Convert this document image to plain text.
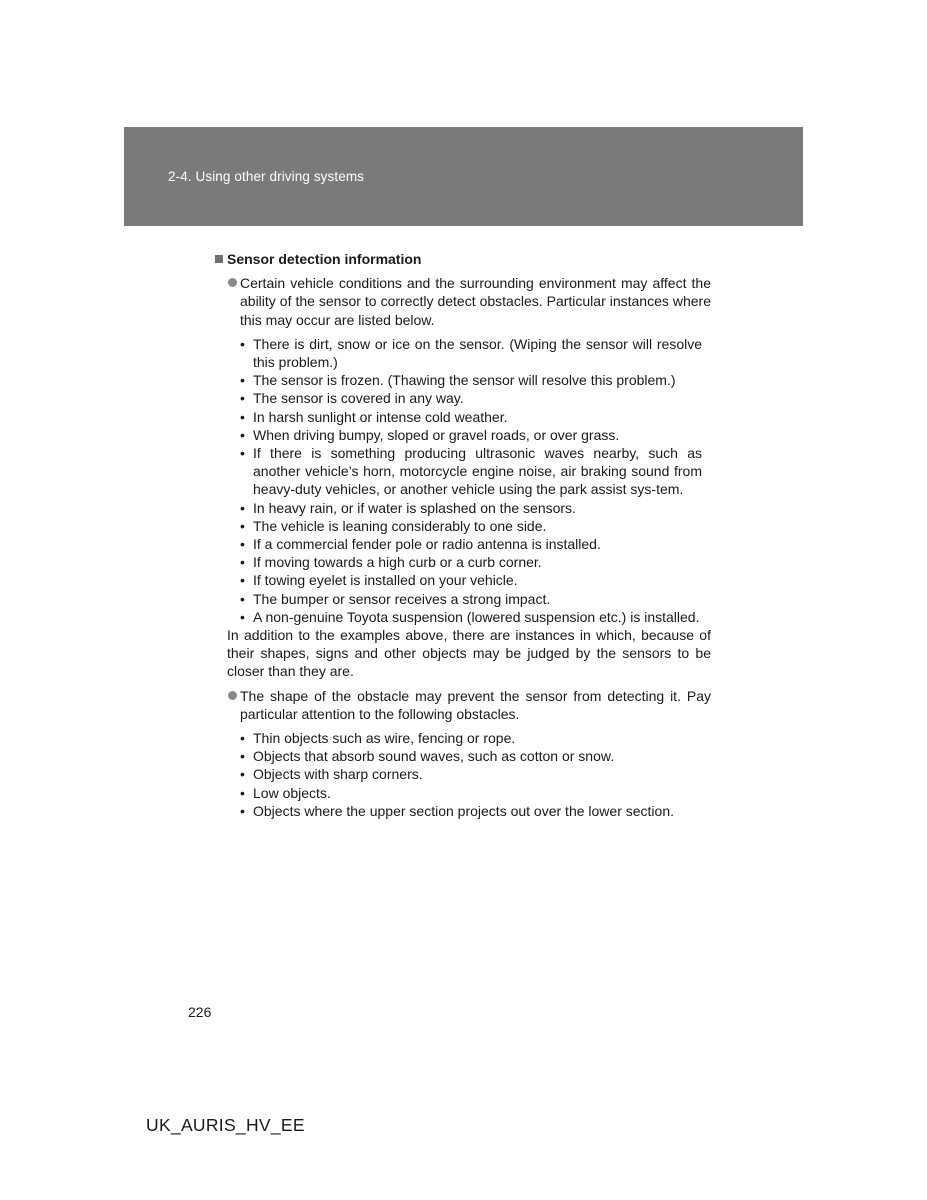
2-4. Using other driving systems
Sensor detection information
Certain vehicle conditions and the surrounding environment may affect the ability of the sensor to correctly detect obstacles. Particular instances where this may occur are listed below.
• There is dirt, snow or ice on the sensor. (Wiping the sensor will resolve this problem.)
• The sensor is frozen. (Thawing the sensor will resolve this problem.)
• The sensor is covered in any way.
• In harsh sunlight or intense cold weather.
• When driving bumpy, sloped or gravel roads, or over grass.
• If there is something producing ultrasonic waves nearby, such as another vehicle’s horn, motorcycle engine noise, air braking sound from heavy-duty vehicles, or another vehicle using the park assist sys-tem.
• In heavy rain, or if water is splashed on the sensors.
• The vehicle is leaning considerably to one side.
• If a commercial fender pole or radio antenna is installed.
• If moving towards a high curb or a curb corner.
• If towing eyelet is installed on your vehicle.
• The bumper or sensor receives a strong impact.
• A non-genuine Toyota suspension (lowered suspension etc.) is installed.
In addition to the examples above, there are instances in which, because of their shapes, signs and other objects may be judged by the sensors to be closer than they are.
The shape of the obstacle may prevent the sensor from detecting it. Pay particular attention to the following obstacles.
• Thin objects such as wire, fencing or rope.
• Objects that absorb sound waves, such as cotton or snow.
• Objects with sharp corners.
• Low objects.
• Objects where the upper section projects out over the lower section.
226
UK_AURIS_HV_EE
